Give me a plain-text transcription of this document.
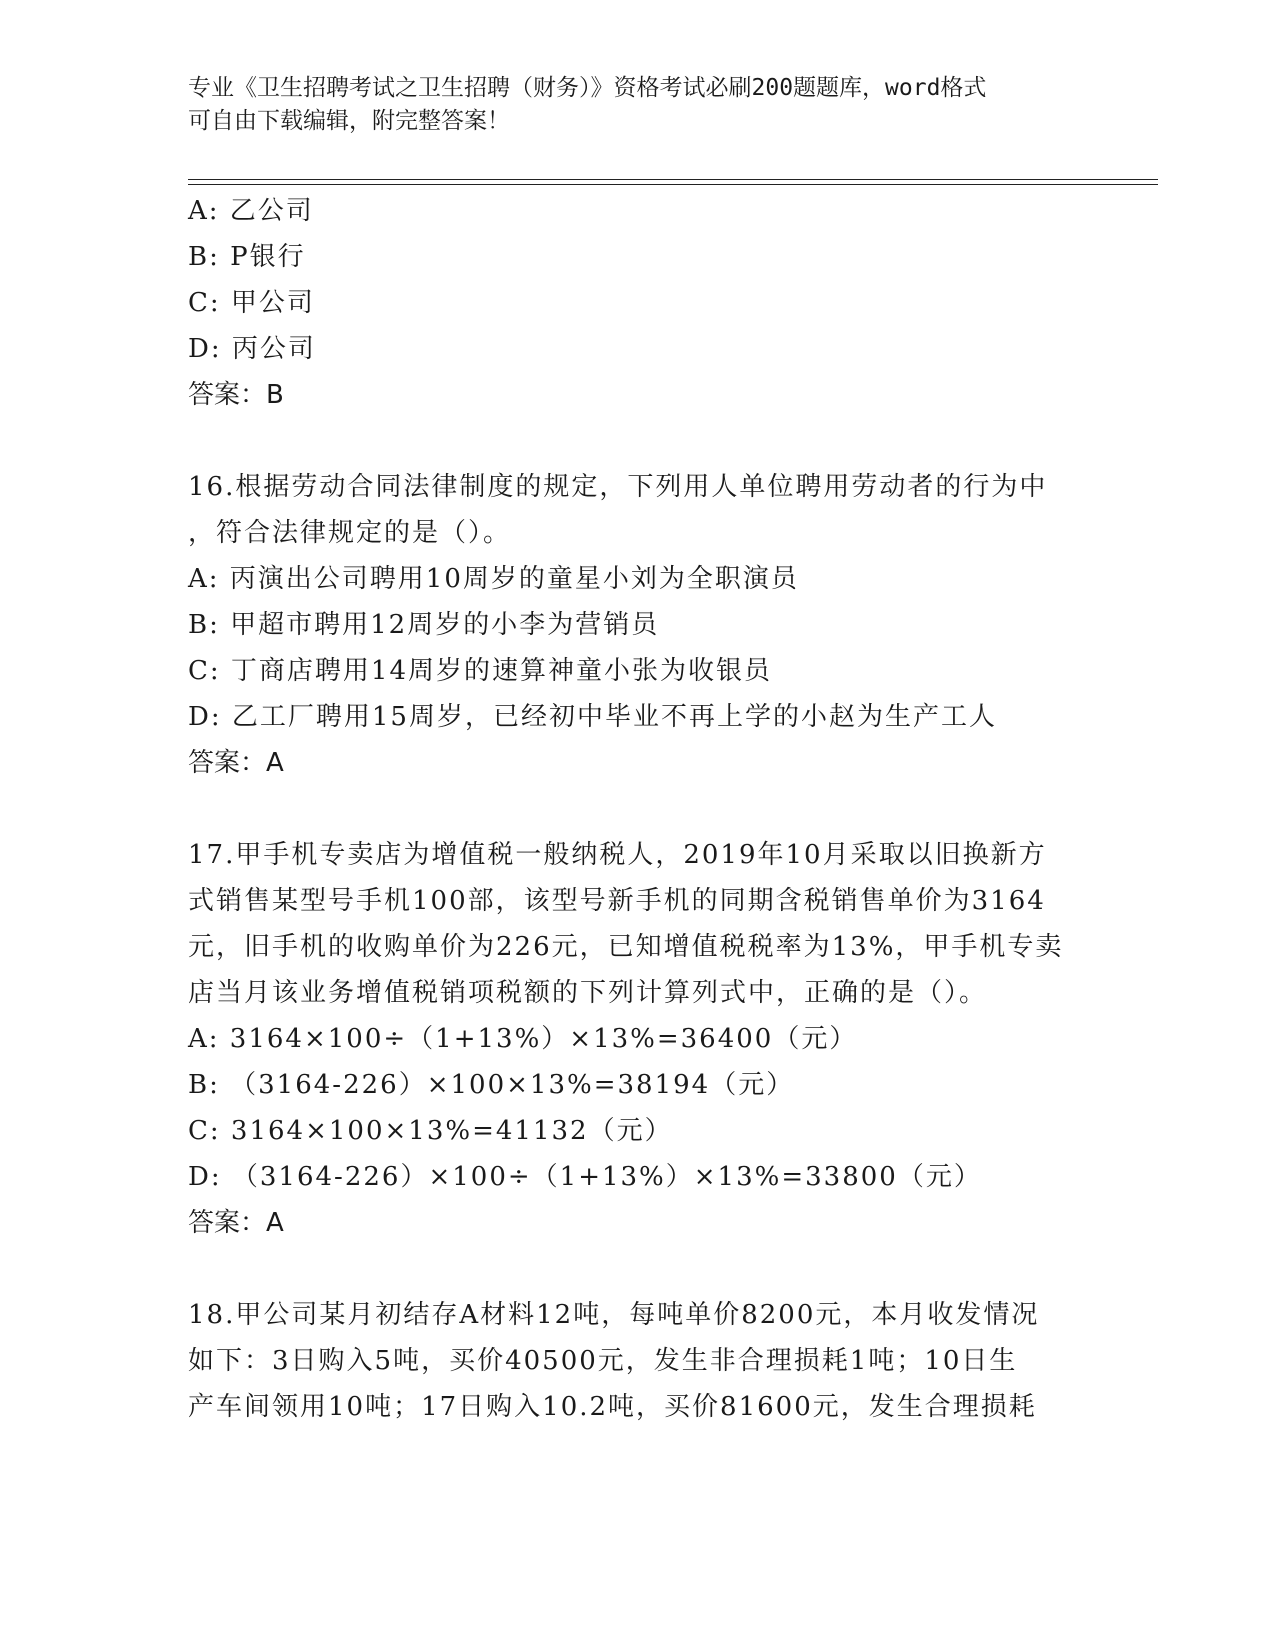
专业《卫生招聘考试之卫生招聘（财务）》资格考试必刷200题题库，word格式
可自由下载编辑，附完整答案！
A: 乙公司
B: P银行
C: 甲公司
D: 丙公司
答案：B
16.根据劳动合同法律制度的规定，下列用人单位聘用劳动者的行为中
，符合法律规定的是（）。
A: 丙演出公司聘用10周岁的童星小刘为全职演员
B: 甲超市聘用12周岁的小李为营销员
C: 丁商店聘用14周岁的速算神童小张为收银员
D: 乙工厂聘用15周岁，已经初中毕业不再上学的小赵为生产工人
答案：A
17.甲手机专卖店为增值税一般纳税人，2019年10月采取以旧换新方
式销售某型号手机100部，该型号新手机的同期含税销售单价为3164
元，旧手机的收购单价为226元，已知增值税税率为13%，甲手机专卖
店当月该业务增值税销项税额的下列计算列式中，正确的是（）。
A: 3164×100÷（1+13%）×13%=36400（元）
B: （3164-226）×100×13%=38194（元）
C: 3164×100×13%=41132（元）
D: （3164-226）×100÷（1+13%）×13%=33800（元）
答案：A
18.甲公司某月初结存A材料12吨，每吨单价8200元，本月收发情况
如下：3日购入5吨，买价40500元，发生非合理损耗1吨；10日生
产车间领用10吨；17日购入10.2吨，买价81600元，发生合理损耗
